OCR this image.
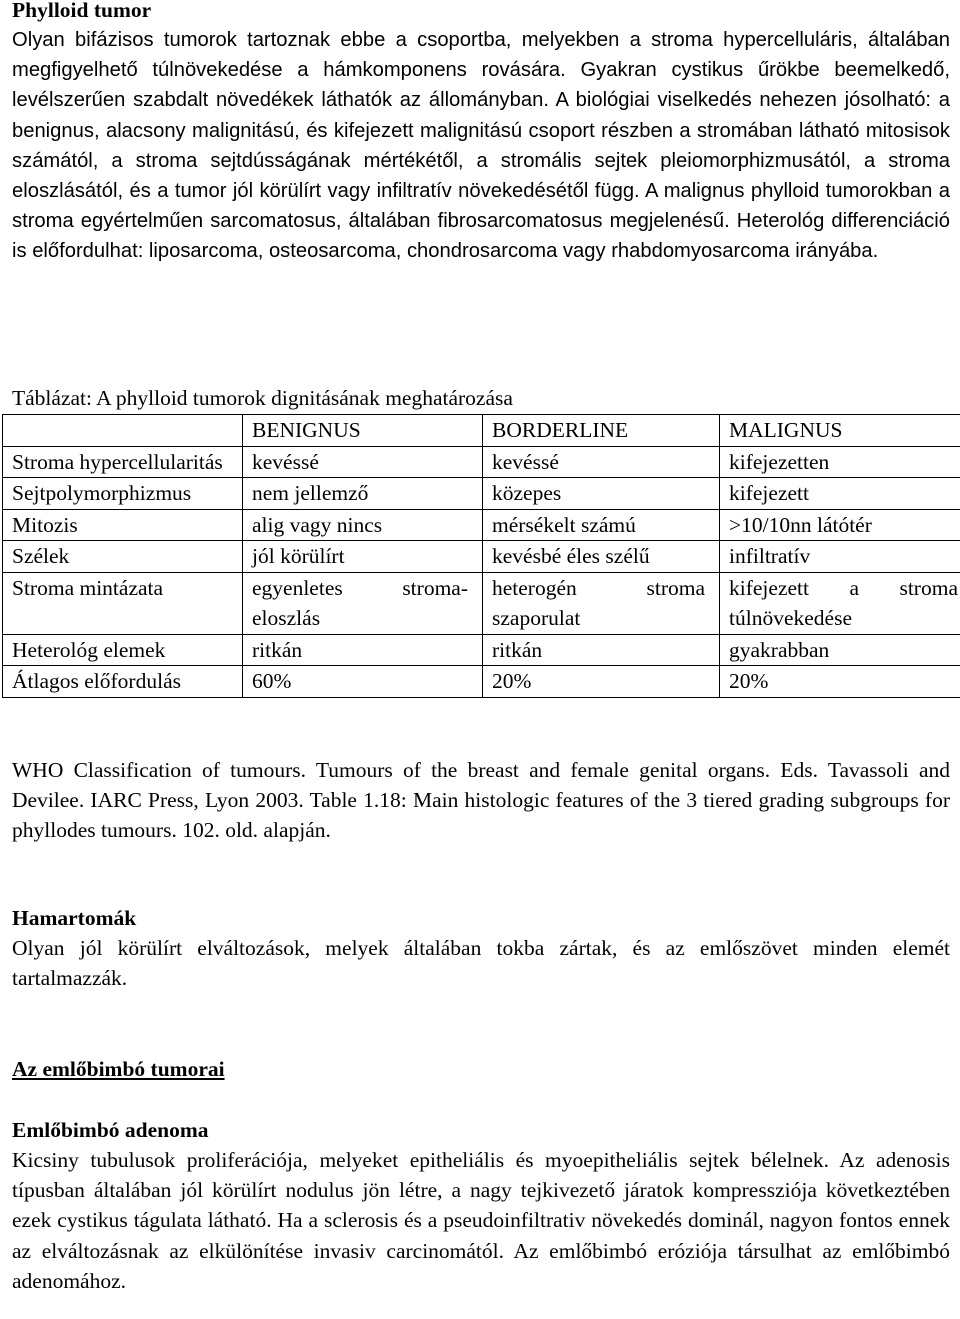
Phylloid tumor

Olyan bifázisos tumorok tartoznak ebbe a csoportba, melyekben a stroma hypercelluláris, általában megfigyelhető túlnövekedése a hámkomponens rovására. Gyakran cystikus űrökbe beemelkedő, levélszerűen szabdalt növedékek láthatók az állományban. A biológiai viselkedés nehezen jósolható: a benignus, alacsony malignitású, és kifejezett malignitású csoport részben a stromában látható mitosisok számától, a stroma sejtdússágának mértékétől, a stromális sejtek pleiomorphizmusától, a stroma eloszlásától, és a tumor jól körülírt vagy infiltratív növekedésétől függ. A malignus phylloid tumorokban a stroma egyértelműen sarcomatosus, általában fibrosarcomatosus megjelenésű. Heterológ differenciáció is előfordulhat: liposarcoma, osteosarcoma, chondrosarcoma vagy rhabdomyosarcoma irányába.

Táblázat: A phylloid tumorok dignitásának meghatározása
	BENIGNUS	BORDERLINE	MALIGNUS
Stroma hypercellularitás	kevéssé	kevéssé	kifejezetten
Sejtpolymorphizmus	nem jellemző	közepes	kifejezett
Mitozis	alig vagy nincs	mérsékelt számú	>10/10nn látótér
Szélek	jól körülírt	kevésbé éles szélű	infiltratív
Stroma mintázata	egyenletes stroma-eloszlás	heterogén stroma szaporulat	kifejezett a stroma túlnövekedése
Heterológ elemek	ritkán	ritkán	gyakrabban
Átlagos előfordulás	60%	20%	20%

WHO Classification of tumours. Tumours of the breast and female genital organs. Eds. Tavassoli and Devilee. IARC Press, Lyon 2003. Table 1.18: Main histologic features of the 3 tiered grading subgroups for phyllodes tumours. 102. old. alapján.

Hamartomák

Olyan jól körülírt elváltozások, melyek általában tokba zártak, és az emlőszövet minden elemét tartalmazzák.

Az emlőbimbó tumorai
Emlőbimbó adenoma

Kicsiny tubulusok proliferációja, melyeket epitheliális és myoepitheliális sejtek bélelnek. Az adenosis típusban általában jól körülírt nodulus jön létre, a nagy tejkivezető járatok kompressziója következtében ezek cystikus tágulata látható. Ha a sclerosis és a pseudoinfiltrativ növekedés dominál, nagyon fontos ennek az elváltozásnak az elkülönítése invasiv carcinomától. Az emlőbimbó eróziója társulhat az emlőbimbó adenomához.
